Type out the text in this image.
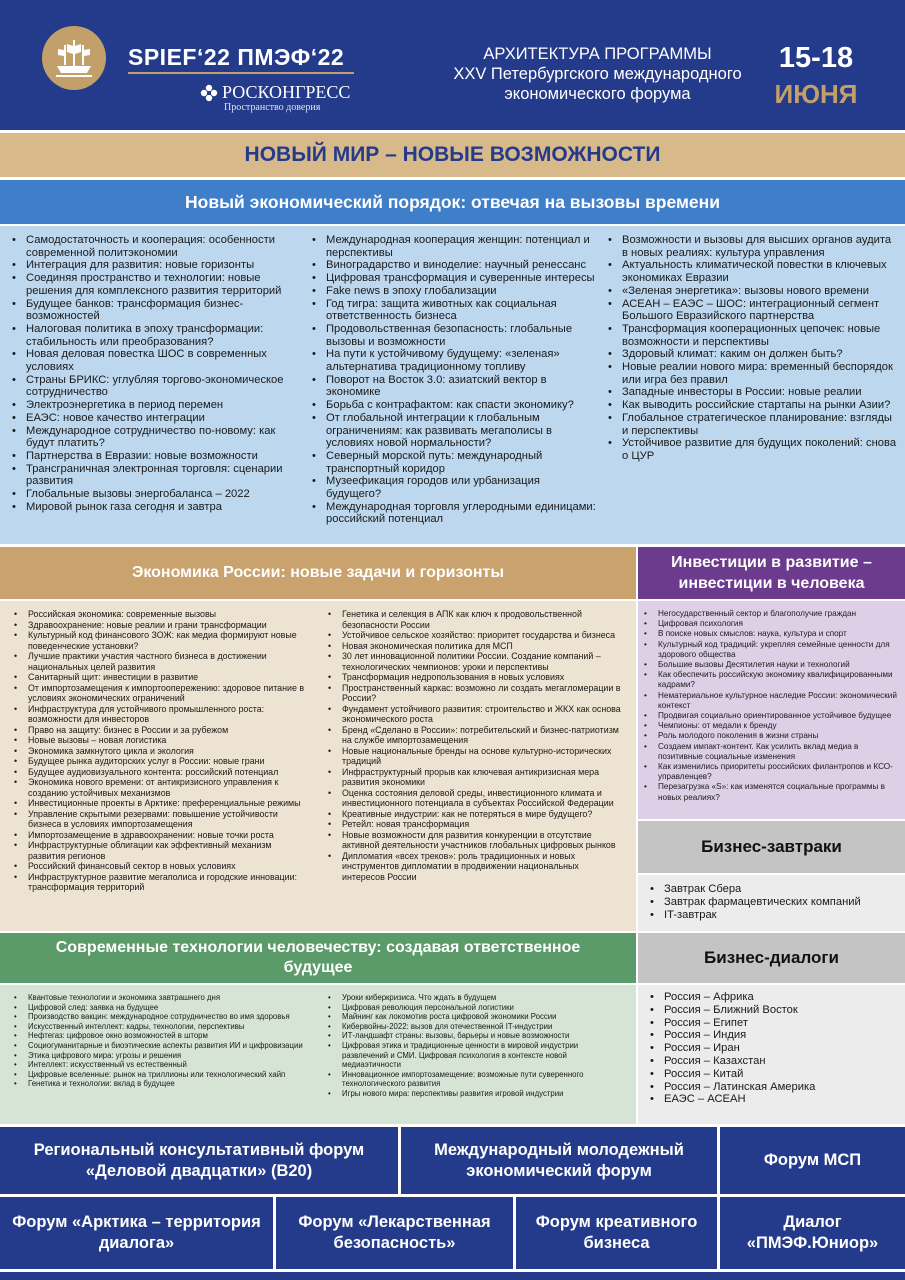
SPIEF‘22 ПМЭФ‘22
РОСКОНГРЕСС
Пространство доверия
АРХИТЕКТУРА ПРОГРАММЫ
XXV Петербургского международного
экономического форума
15-18
ИЮНЯ
НОВЫЙ МИР – НОВЫЕ ВОЗМОЖНОСТИ
Новый экономический порядок: отвечая на вызовы времени
• Самодостаточность и кооперация: особенности современной политэкономии
• Интеграция для развития: новые горизонты
• Соединяя пространство и технологии: новые решения для комплексного развития территорий
• Будущее банков: трансформация бизнес-возможностей
• Налоговая политика в эпоху трансформации: стабильность или преобразования?
• Новая деловая повестка ШОС в современных условиях
• Страны БРИКС: углубляя торгово-экономическое сотрудничество
• Электроэнергетика в период перемен
• ЕАЭС: новое качество интеграции
• Международное сотрудничество по-новому: как будут платить?
• Партнерства в Евразии: новые возможности
• Трансграничная электронная торговля: сценарии развития
• Глобальные вызовы энергобаланса – 2022
• Мировой рынок газа сегодня и завтра
• Международная кооперация женщин: потенциал и перспективы
• Виноградарство и виноделие: научный ренессанс
• Цифровая трансформация и суверенные интересы
• Fake news в эпоху глобализации
• Год тигра: защита животных как социальная ответственность бизнеса
• Продовольственная безопасность: глобальные вызовы и возможности
• На пути к устойчивому будущему: «зеленая» альтернатива традиционному топливу
• Поворот на Восток 3.0: азиатский вектор в экономике
• Борьба с контрафактом: как спасти экономику?
• От глобальной интеграции к глобальным ограничениям: как развивать мегаполисы в условиях новой нормальности?
• Северный морской путь: международный транспортный коридор
• Музеефикация городов или урбанизация будущего?
• Международная торговля углеродными единицами: российский потенциал
• Возможности и вызовы для высших органов аудита в новых реалиях: культура управления
• Актуальность климатической повестки в ключевых экономиках Евразии
• «Зеленая энергетика»: вызовы нового времени
• АСЕАН – ЕАЭС – ШОС: интеграционный сегмент Большого Евразийского партнерства
• Трансформация кооперационных цепочек: новые возможности и перспективы
• Здоровый климат: каким он должен быть?
• Новые реалии нового мира: временный беспорядок или игра без правил
• Западные инвесторы в России: новые реалии
• Как выводить российские стартапы на рынки Азии?
• Глобальное стратегическое планирование: взгляды и перспективы
• Устойчивое развитие для будущих поколений: снова о ЦУР
Экономика России: новые задачи и горизонты
Инвестиции в развитие – инвестиции в человека
• Российская экономика: современные вызовы
• Здравоохранение: новые реалии и грани трансформации
• Культурный код финансового ЗОЖ: как медиа формируют новые поведенческие установки?
• Лучшие практики участия частного бизнеса в достижении национальных целей развития
• Санитарный щит: инвестиции в развитие
• От импортозамещения к импортоопережению: здоровое питание в условиях экономических ограничений
• Инфраструктура для устойчивого промышленного роста: возможности для инвесторов
• Право на защиту: бизнес в России и за рубежом
• Новые вызовы – новая логистика
• Экономика замкнутого цикла и экология
• Будущее рынка аудиторских услуг в России: новые грани
• Будущее аудиовизуального контента: российский потенциал
• Экономика нового времени: от антикризисного управления к созданию устойчивых механизмов
• Инвестиционные проекты в Арктике: преференциальные режимы
• Управление скрытыми резервами: повышение устойчивости бизнеса в условиях импортозамещения
• Импортозамещение в здравоохранении: новые точки роста
• Инфраструктурные облигации как эффективный механизм развития регионов
• Российский финансовый сектор в новых условиях
• Инфраструктурное развитие мегаполиса и городские инновации: трансформация территорий
• Генетика и селекция в АПК как ключ к продовольственной безопасности России
• Устойчивое сельское хозяйство: приоритет государства и бизнеса
• Новая экономическая политика для МСП
• 30 лет инновационной политики России. Создание компаний – технологических чемпионов: уроки и перспективы
• Трансформация недропользования в новых условиях
• Пространственный каркас: возможно ли создать мегагломерации в России?
• Фундамент устойчивого развития: строительство и ЖКХ как основа экономического роста
• Бренд «Сделано в России»: потребительский и бизнес-патриотизм на службе импортозамещения
• Новые национальные бренды на основе культурно-исторических традиций
• Инфраструктурный прорыв как ключевая антикризисная мера развития экономики
• Оценка состояния деловой среды, инвестиционного климата и инвестиционного потенциала в субъектах Российской Федерации
• Креативные индустрии: как не потеряться в мире будущего?
• Ретейл: новая трансформация
• Новые возможности для развития конкуренции в отсутствие активной деятельности участников глобальных цифровых рынков
• Дипломатия «всех треков»: роль традиционных и новых инструментов дипломатии в продвижении национальных интересов России
• Негосударственный сектор и благополучие граждан
• Цифровая психология
• В поиске новых смыслов: наука, культура и спорт
• Культурный код традиций: укрепляя семейные ценности для здорового общества
• Большие вызовы Десятилетия науки и технологий
• Как обеспечить российскую экономику квалифицированными кадрами?
• Нематериальное культурное наследие России: экономический контекст
• Продвигая социально ориентированное устойчивое будущее
• Чемпионы: от медали к бренду
• Роль молодого поколения в жизни страны
• Создаем импакт-контент. Как усилить вклад медиа в позитивные социальные изменения
• Как изменились приоритеты российских филантропов и КСО-управленцев?
• Перезагрузка «S»: как изменятся социальные программы в новых реалиях?
Бизнес-завтраки
• Завтрак Сбера
• Завтрак фармацевтических компаний
• IT-завтрак
Современные технологии человечеству: создавая ответственное будущее
• Квантовые технологии и экономика завтрашнего дня
• Цифровой след: заявка на будущее
• Производство вакцин: международное сотрудничество во имя здоровья
• Искусственный интеллект: кадры, технологии, перспективы
• Нефтегаз: цифровое окно возможностей в шторм
• Социогуманитарные и биоэтические аспекты развития ИИ и цифровизации
• Этика цифрового мира: угрозы и решения
• Интеллект: искусственный vs естественный
• Цифровые вселенные: рынок на триллионы или технологический хайп
• Генетика и технологии: вклад в будущее
• Уроки кибеpкризиса. Что ждать в будущем
• Цифровая революция персональной логистики
• Майнинг как локомотив роста цифровой экономики России
• Кибервойны-2022: вызов для отечественной IT-индустрии
• ИТ-ландшафт страны: вызовы, барьеры и новые возможности
• Цифровая этика и традиционные ценности в мировой индустрии развлечений и СМИ. Цифровая психология в контексте новой медиаэтичности
• Инновационное импортозамещение: возможные пути суверенного технологического развития
• Игры нового мира: перспективы развития игровой индустрии
Бизнес-диалоги
• Россия – Африка
• Россия – Ближний Восток
• Россия – Египет
• Россия – Индия
• Россия – Иран
• Россия – Казахстан
• Россия – Китай
• Россия – Латинская Америка
• ЕАЭС – АСЕАН
Региональный консультативный форум «Деловой двадцатки» (B20)
Международный молодежный экономический форум
Форум МСП
Форум «Арктика – территория диалога»
Форум «Лекарственная безопасность»
Форум креативного бизнеса
Диалог «ПМЭФ.Юниор»
